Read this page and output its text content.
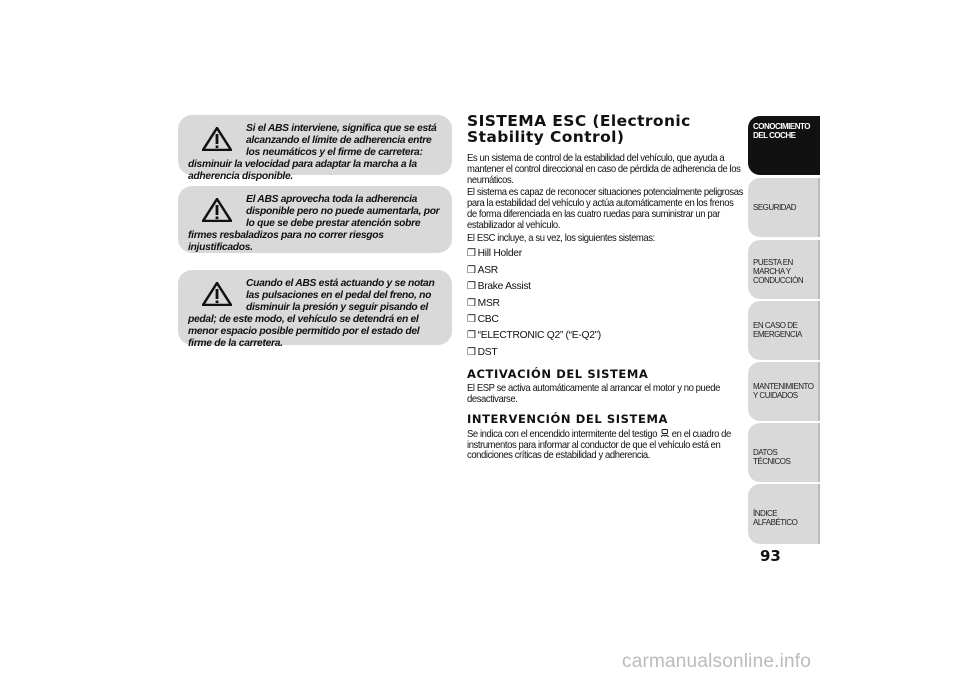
Si el ABS interviene, significa que se está alcanzando el límite de adherencia entre los neumáticos y el firme de carretera: disminuir la velocidad para adaptar la marcha a la adherencia disponible.

El ABS aprovecha toda la adherencia disponible pero no puede aumentarla, por lo que se debe prestar atención sobre firmes resbaladizos para no correr riesgos injustificados.

Cuando el ABS está actuando y se notan las pulsaciones en el pedal del freno, no disminuir la presión y seguir pisando el pedal; de este modo, el vehículo se detendrá en el menor espacio posible permitido por el estado del firme de la carretera.

SISTEMA ESC (Electronic Stability Control)

Es un sistema de control de la estabilidad del vehículo, que ayuda a mantener el control direccional en caso de pérdida de adherencia de los neumáticos.

El sistema es capaz de reconocer situaciones potencialmente peligrosas para la estabilidad del vehículo y actúa automáticamente en los frenos de forma diferenciada en las cuatro ruedas para suministrar un par estabilizador al vehículo.

El ESC incluye, a su vez, los siguientes sistemas:

❒ Hill Holder

❒ ASR

❒ Brake Assist

❒ MSR

❒ CBC

❒ “ELECTRONIC Q2” (“E-Q2”)

❒ DST

ACTIVACIÓN DEL SISTEMA

El ESP se activa automáticamente al arrancar el motor y no puede desactivarse.

INTERVENCIÓN DEL SISTEMA

Se indica con el encendido intermitente del testigo en el cuadro de instrumentos para informar al conductor de que el vehículo está en condiciones críticas de estabilidad y adherencia.

CONOCIMIENTO DEL COCHE
SEGURIDAD
PUESTA EN MARCHA Y CONDUCCIÓN
EN CASO DE EMERGENCIA
MANTENIMIENTO Y CUIDADOS
DATOS TÉCNICOS
ÍNDICE ALFABÉTICO
93
carmanualsonline.info
